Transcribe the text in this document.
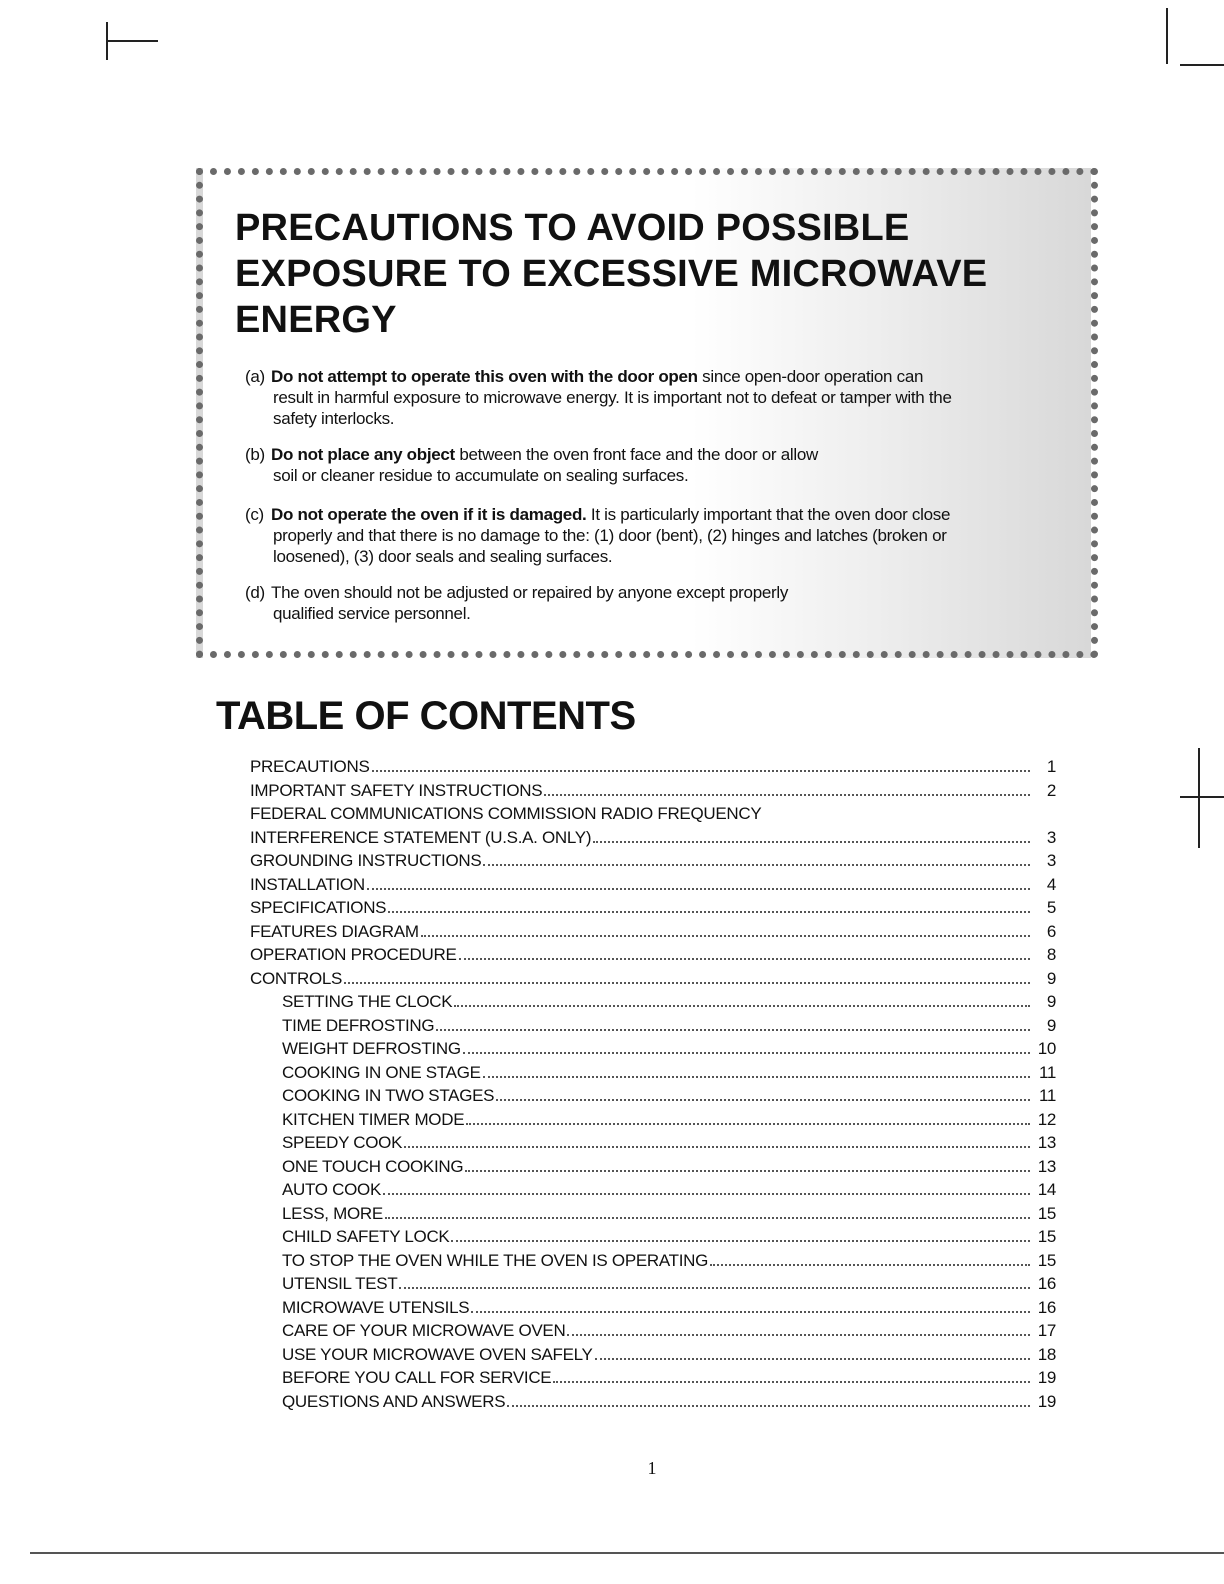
PRECAUTIONS TO AVOID POSSIBLE
EXPOSURE TO EXCESSIVE MICROWAVE
ENERGY
(a) Do not attempt to operate this oven with the door open since open-door operation can
result in harmful exposure to microwave energy. It is important not to defeat or tamper with the
safety interlocks.
(b) Do not place any object between the oven front face and the door or allow
soil or cleaner residue to accumulate on sealing surfaces.
(c) Do not operate the oven if it is damaged. It is particularly important that the oven door close
properly and that there is no damage to the: (1) door (bent), (2) hinges and latches (broken or
loosened), (3) door seals and sealing surfaces.
(d) The oven should not be adjusted or repaired by anyone except properly
qualified service personnel.
TABLE OF CONTENTS
PRECAUTIONS	1
IMPORTANT SAFETY INSTRUCTIONS	2
FEDERAL COMMUNICATIONS COMMISSION RADIO FREQUENCY
INTERFERENCE STATEMENT (U.S.A. ONLY)	3
GROUNDING INSTRUCTIONS	3
INSTALLATION	4
SPECIFICATIONS	5
FEATURES DIAGRAM	6
OPERATION PROCEDURE	8
CONTROLS	9
SETTING THE CLOCK	9
TIME DEFROSTING	9
WEIGHT DEFROSTING	10
COOKING IN ONE STAGE	11
COOKING IN TWO STAGES	11
KITCHEN TIMER MODE	12
SPEEDY COOK	13
ONE TOUCH COOKING	13
AUTO COOK	14
LESS, MORE	15
CHILD SAFETY LOCK	15
TO STOP THE OVEN WHILE THE OVEN IS OPERATING	15
UTENSIL TEST	16
MICROWAVE UTENSILS	16
CARE OF YOUR MICROWAVE OVEN	17
USE YOUR MICROWAVE OVEN SAFELY	18
BEFORE YOU CALL FOR SERVICE	19
QUESTIONS AND ANSWERS	19
1
